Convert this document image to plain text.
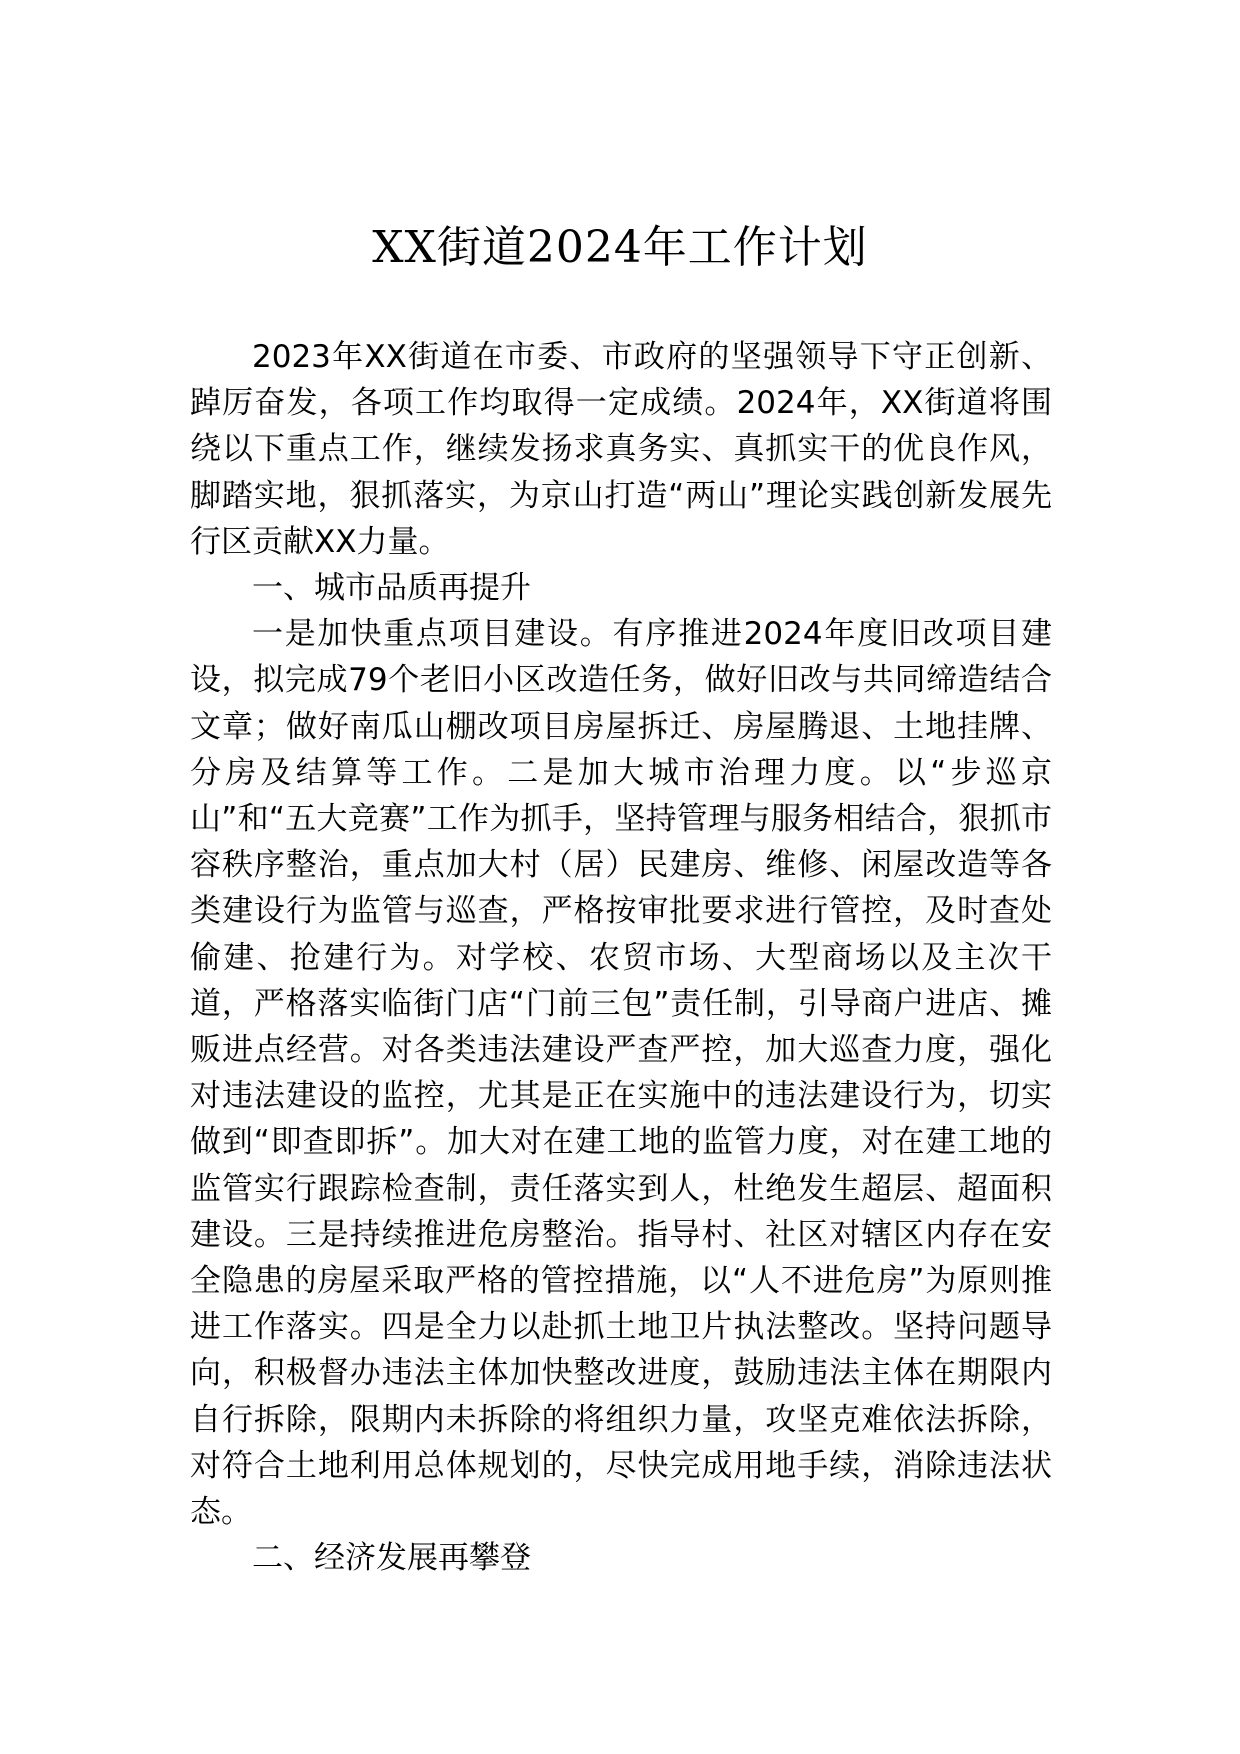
XX街道2024年工作计划

2023年XX街道在市委、市政府的坚强领导下守正创新、踔厉奋发，各项工作均取得一定成绩。2024年，XX街道将围绕以下重点工作，继续发扬求真务实、真抓实干的优良作风，脚踏实地，狠抓落实，为京山打造“两山”理论实践创新发展先行区贡献XX力量。

一、城市品质再提升

一是加快重点项目建设。有序推进2024年度旧改项目建设，拟完成79个老旧小区改造任务，做好旧改与共同缔造结合文章；做好南瓜山棚改项目房屋拆迁、房屋腾退、土地挂牌、分房及结算等工作。二是加大城市治理力度。以“步巡京山”和“五大竞赛”工作为抓手，坚持管理与服务相结合，狠抓市容秩序整治，重点加大村（居）民建房、维修、闲屋改造等各类建设行为监管与巡查，严格按审批要求进行管控，及时查处偷建、抢建行为。对学校、农贸市场、大型商场以及主次干道，严格落实临街门店“门前三包”责任制，引导商户进店、摊贩进点经营。对各类违法建设严查严控，加大巡查力度，强化对违法建设的监控，尤其是正在实施中的违法建设行为，切实做到“即查即拆”。加大对在建工地的监管力度，对在建工地的监管实行跟踪检查制，责任落实到人，杜绝发生超层、超面积建设。三是持续推进危房整治。指导村、社区对辖区内存在安全隐患的房屋采取严格的管控措施，以“人不进危房”为原则推进工作落实。四是全力以赴抓土地卫片执法整改。坚持问题导向，积极督办违法主体加快整改进度，鼓励违法主体在期限内自行拆除，限期内未拆除的将组织力量，攻坚克难依法拆除，对符合土地利用总体规划的，尽快完成用地手续，消除违法状态。

二、经济发展再攀登
